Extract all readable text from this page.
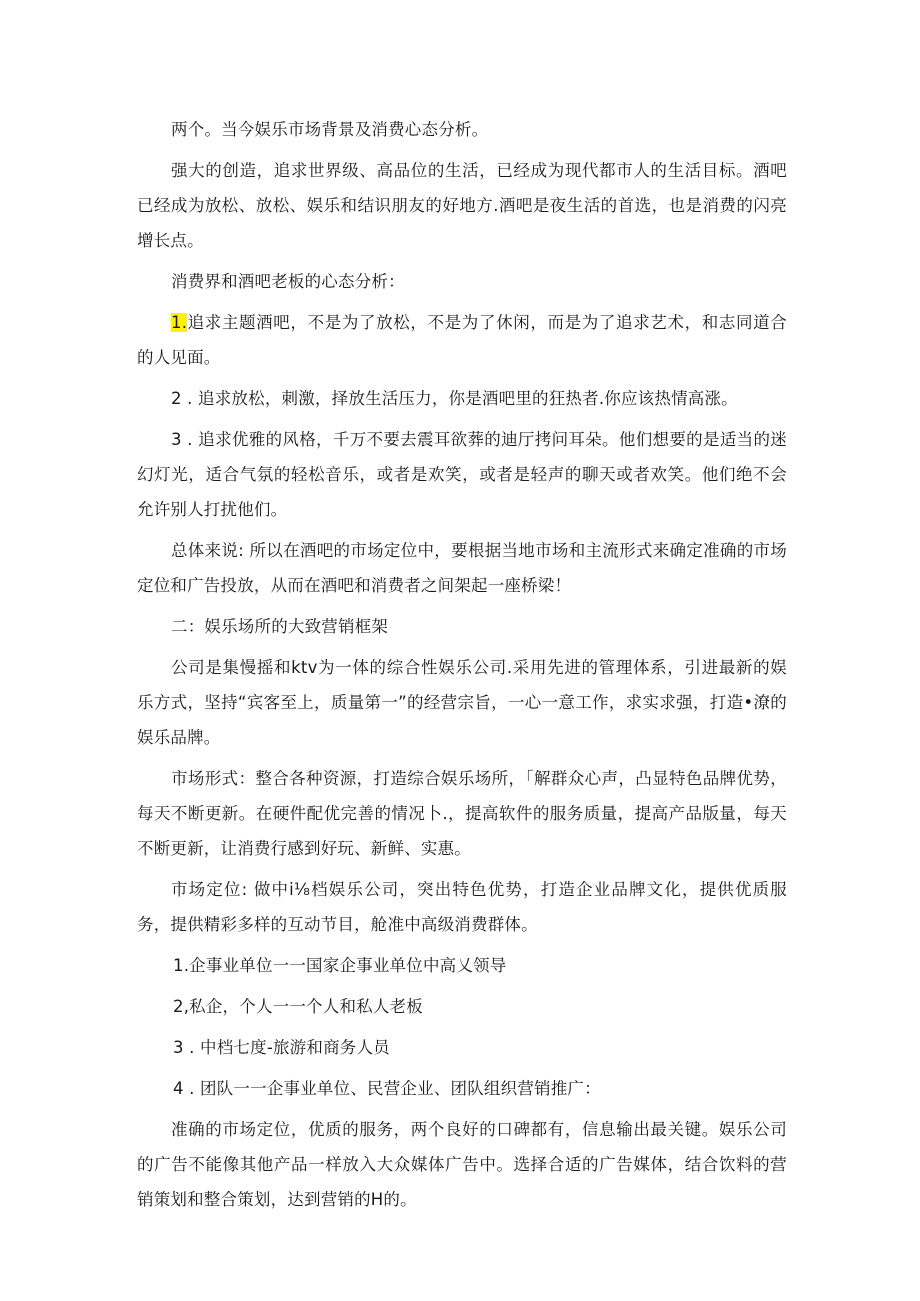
两个。当今娱乐市场背景及消费心态分析。

强大的创造，追求世界级、高品位的生活，已经成为现代都市人的生活目标。酒吧已经成为放松、放松、娱乐和结识朋友的好地方.酒吧是夜生活的首选，也是消费的闪亮增长点。

消费界和酒吧老板的心态分析：

1.追求主题酒吧，不是为了放松，不是为了休闲，而是为了追求艺术，和志同道合的人见面。

2 . 追求放松，刺激，择放生活压力，你是酒吧里的狂热者.你应该热情高涨。

3 . 追求优雅的风格，千万不要去震耳欲葬的迪厅拷问耳朵。他们想要的是适当的迷幻灯光，适合气氛的轻松音乐，或者是欢笑，或者是轻声的聊天或者欢笑。他们绝不会允许别人打扰他们。

总体来说: 所以在酒吧的市场定位中，要根据当地市场和主流形式来确定准确的市场定位和广告投放，从而在酒吧和消费者之间架起一座桥梁！

二：娱乐场所的大致营销框架

公司是集慢摇和ktv为一体的综合性娱乐公司.采用先进的管理体系，引进最新的娱乐方式，坚持“宾客至上，质量第一”的经营宗旨，一心一意工作，求实求强，打造•潦的娱乐品牌。

市场形式：整合各种资源，打造综合娱乐场所，「解群众心声，凸显特色品牌优势，每天不断更新。在硬件配优完善的情况卜.，提高软件的服务质量，提高产品版量，每天不断更新，让消费行感到好玩、新鲜、实惠。

市场定位: 做中i⅛档娱乐公司，突出特色优势，打造企业品牌文化，提供优质服务，提供精彩多样的互动节目，舱准中高级消费群体。

1.企事业单位一一国家企事业单位中高乂领导

2,私企，个人一一个人和私人老板

3 . 中档七度-旅游和商务人员

4 . 团队一一企事业单位、民营企业、团队组织营销推广：

准确的市场定位，优质的服务，两个良好的口碑都有，信息输出最关键。娱乐公司的广告不能像其他产品一样放入大众媒体广告中。选择合适的广告媒体，结合饮料的营销策划和整合策划，达到营销的H的。
